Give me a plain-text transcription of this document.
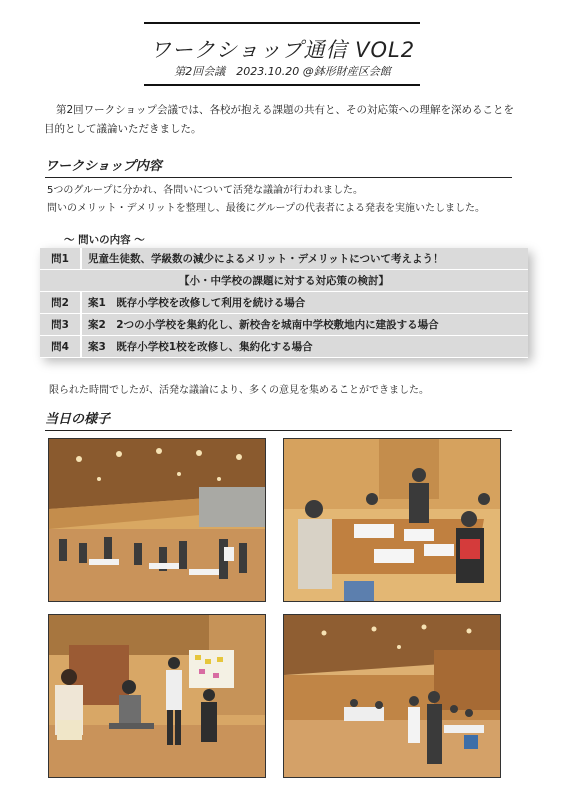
ワークショップ通信 VOL2
第2回会議　2023.10.20 @鉢形財産区会館
第2回ワークショップ会議では、各校が抱える課題の共有と、その対応策への理解を深めることを目的として議論いただきました。
ワークショップ内容
5つのグループに分かれ、各問いについて活発な議論が行われました。
問いのメリット・デメリットを整理し、最後にグループの代表者による発表を実施いたしました。
〜 問いの内容 〜
問1	児童生徒数、学級数の減少によるメリット・デメリットについて考えよう！
【小・中学校の課題に対する対応策の検討】	
問2	案1　既存小学校を改修して利用を続ける場合
問3	案2　2つの小学校を集約化し、新校舎を城南中学校敷地内に建設する場合
問4	案3　既存小学校1校を改修し、集約化する場合
限られた時間でしたが、活発な議論により、多くの意見を集めることができました。
当日の様子
